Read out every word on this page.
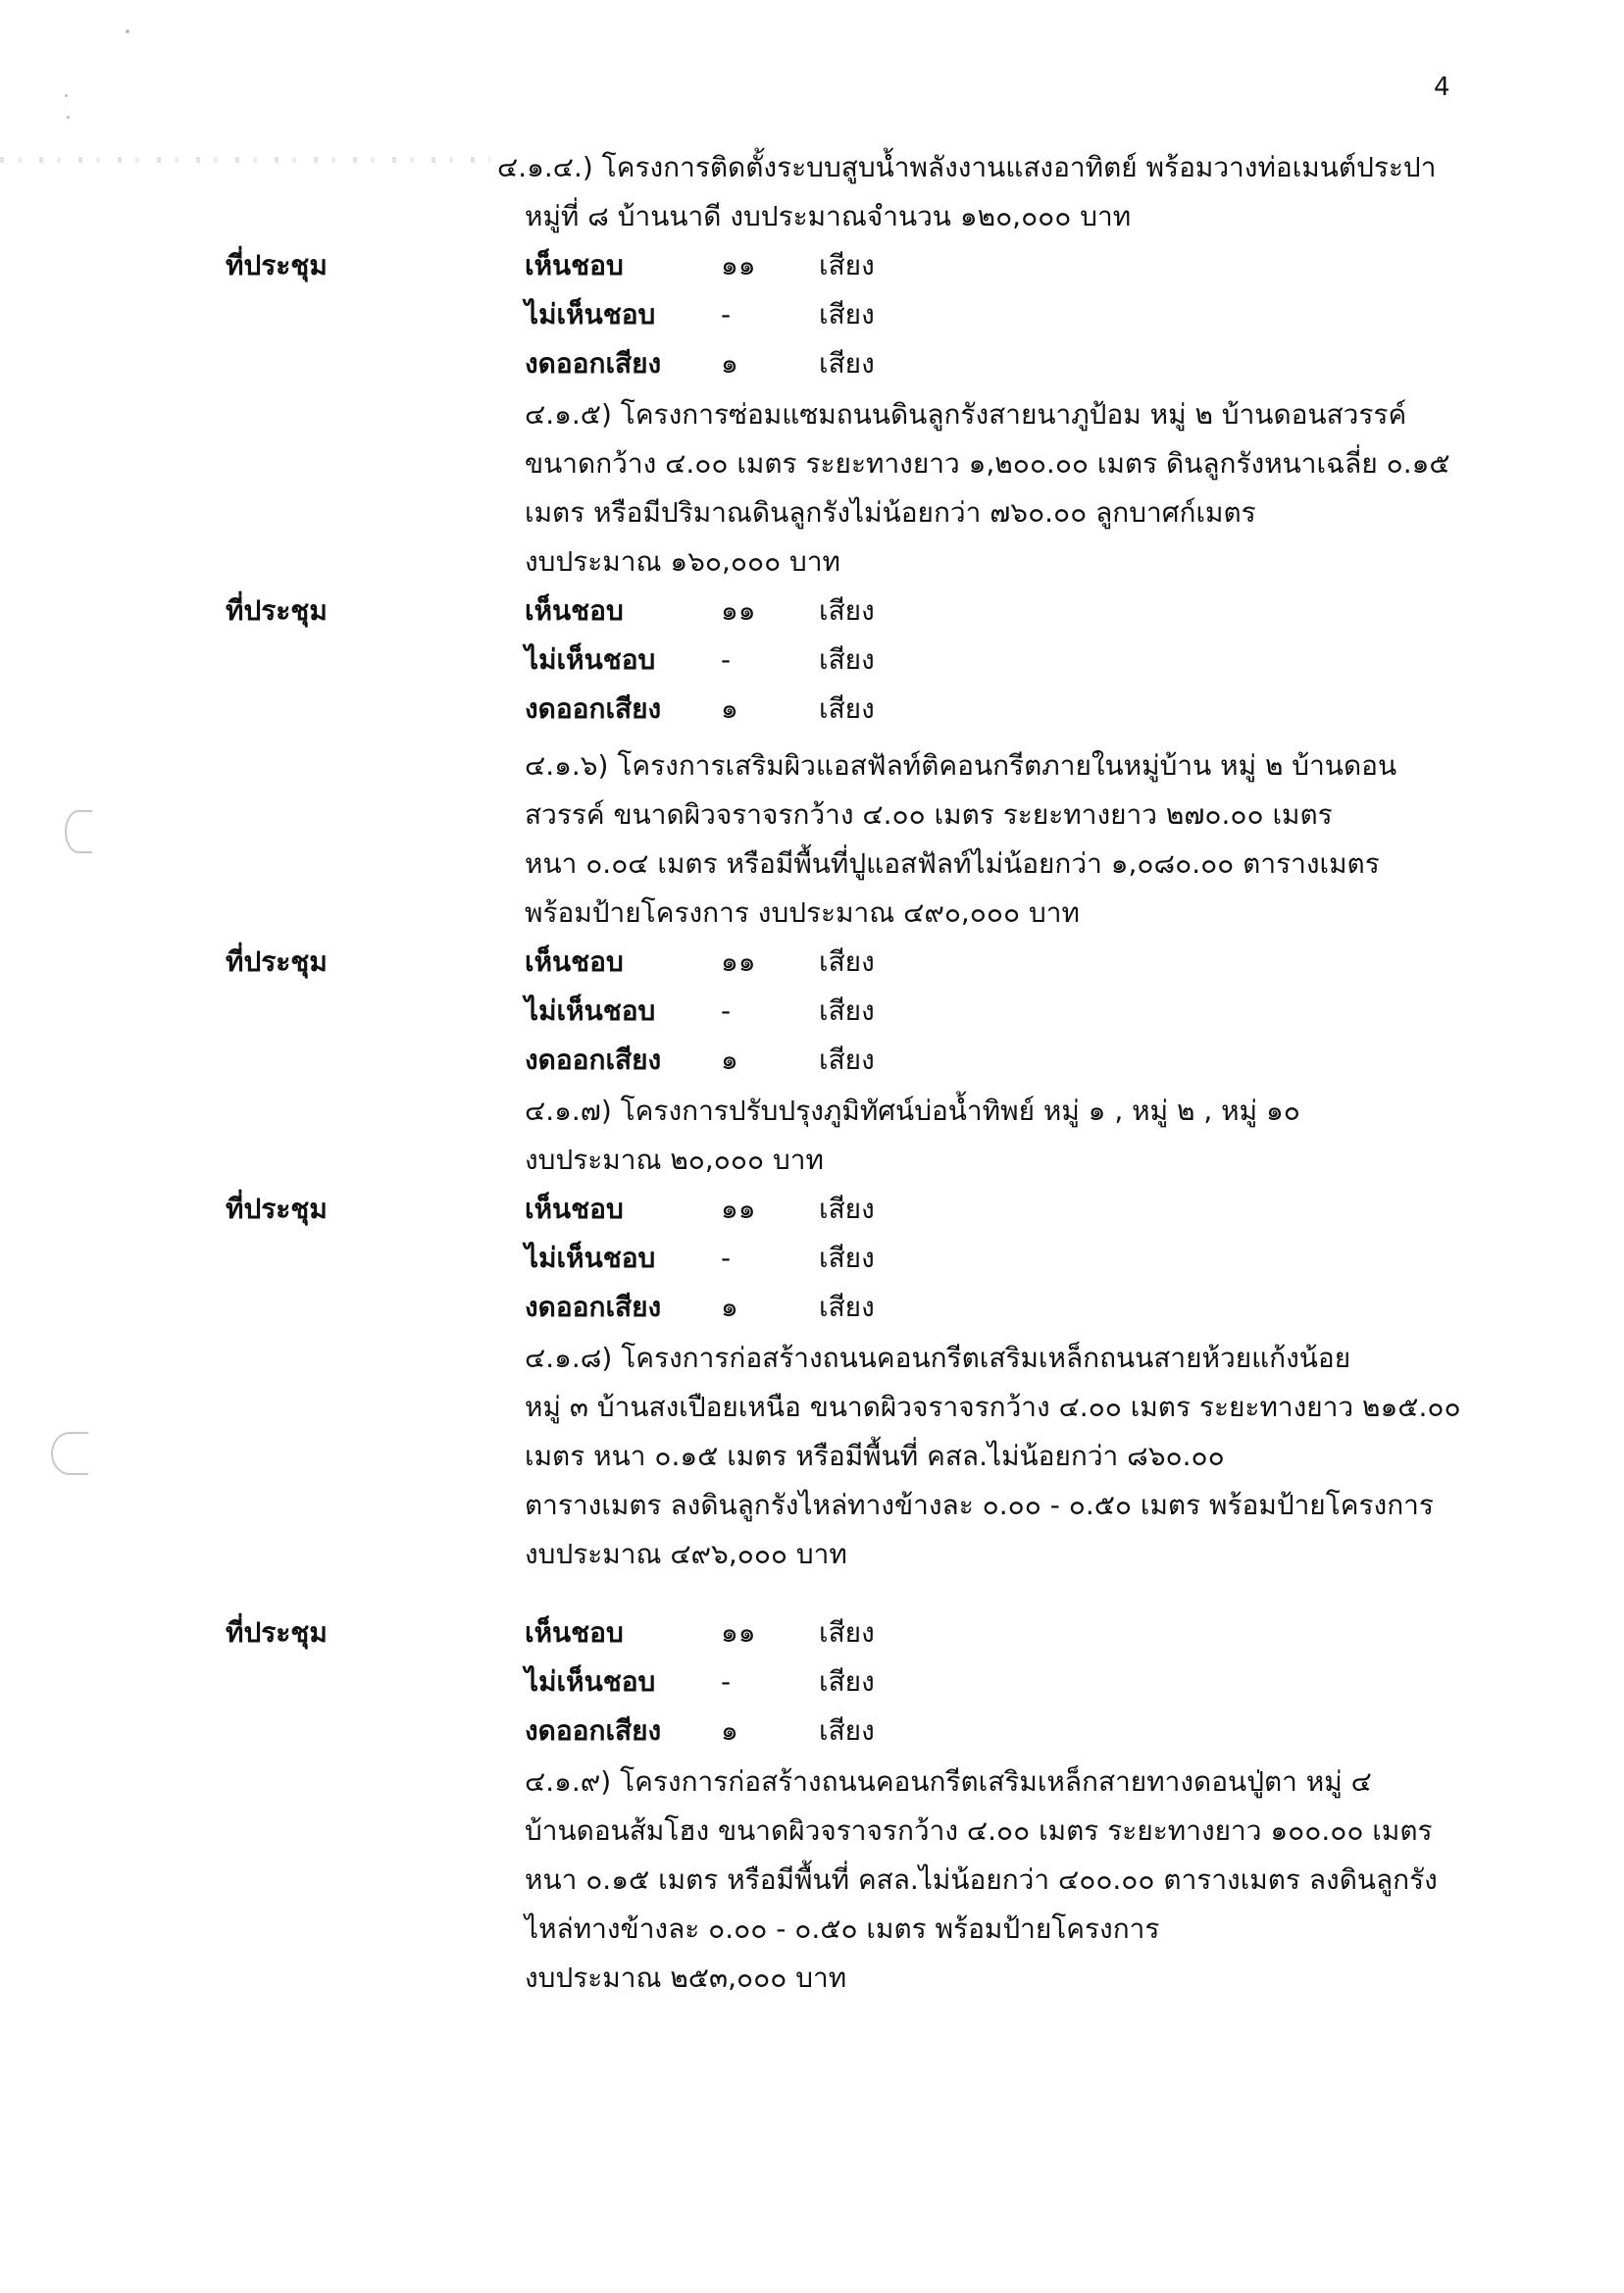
4
๔.๑.๔.) โครงการติดตั้งระบบสูบน้ำพลังงานแสงอาทิตย์ พร้อมวางท่อเมนต์ประปา
หมู่ที่ ๘ บ้านนาดี งบประมาณจำนวน ๑๒๐,๐๐๐ บาท
ที่ประชุม	เห็นชอบ	๑๑ เสียง
ไม่เห็นชอบ -	เสียง
งดออกเสียง ๑	เสียง
๔.๑.๕) โครงการซ่อมแซมถนนดินลูกรังสายนาภูป้อม หมู่ ๒ บ้านดอนสวรรค์
ขนาดกว้าง ๔.๐๐ เมตร ระยะทางยาว ๑,๒๐๐.๐๐ เมตร ดินลูกรังหนาเฉลี่ย ๐.๑๕
เมตร หรือมีปริมาณดินลูกรังไม่น้อยกว่า ๗๖๐.๐๐ ลูกบาศก์เมตร
งบประมาณ ๑๖๐,๐๐๐ บาท
ที่ประชุม	เห็นชอบ	๑๑ เสียง
ไม่เห็นชอบ -	เสียง
งดออกเสียง ๑	เสียง
๔.๑.๖) โครงการเสริมผิวแอสฟัลท์ติคอนกรีตภายในหมู่บ้าน หมู่ ๒ บ้านดอน
สวรรค์ ขนาดผิวจราจรกว้าง ๔.๐๐ เมตร ระยะทางยาว ๒๗๐.๐๐ เมตร
หนา ๐.๐๔ เมตร หรือมีพื้นที่ปูแอสฟัลท์ไม่น้อยกว่า ๑,๐๘๐.๐๐ ตารางเมตร
พร้อมป้ายโครงการ งบประมาณ ๔๙๐,๐๐๐ บาท
ที่ประชุม	เห็นชอบ	๑๑ เสียง
ไม่เห็นชอบ -	เสียง
งดออกเสียง ๑	เสียง
๔.๑.๗) โครงการปรับปรุงภูมิทัศน์บ่อน้ำทิพย์ หมู่ ๑ , หมู่ ๒ , หมู่ ๑๐
งบประมาณ ๒๐,๐๐๐ บาท
ที่ประชุม	เห็นชอบ	๑๑ เสียง
ไม่เห็นชอบ -	เสียง
งดออกเสียง ๑	เสียง
๔.๑.๘) โครงการก่อสร้างถนนคอนกรีตเสริมเหล็กถนนสายห้วยแก้งน้อย
หมู่ ๓ บ้านสงเปือยเหนือ ขนาดผิวจราจรกว้าง ๔.๐๐ เมตร ระยะทางยาว ๒๑๕.๐๐
เมตร หนา ๐.๑๕ เมตร หรือมีพื้นที่ คสล.ไม่น้อยกว่า ๘๖๐.๐๐
ตารางเมตร ลงดินลูกรังไหล่ทางข้างละ ๐.๐๐ - ๐.๕๐ เมตร พร้อมป้ายโครงการ
งบประมาณ ๔๙๖,๐๐๐ บาท
ที่ประชุม	เห็นชอบ	๑๑ เสียง
ไม่เห็นชอบ -	เสียง
งดออกเสียง ๑	เสียง
๔.๑.๙) โครงการก่อสร้างถนนคอนกรีตเสริมเหล็กสายทางดอนปู่ตา หมู่ ๔
บ้านดอนส้มโฮง ขนาดผิวจราจรกว้าง ๔.๐๐ เมตร ระยะทางยาว ๑๐๐.๐๐ เมตร
หนา ๐.๑๕ เมตร หรือมีพื้นที่ คสล.ไม่น้อยกว่า ๔๐๐.๐๐ ตารางเมตร ลงดินลูกรัง
ไหล่ทางข้างละ ๐.๐๐ - ๐.๕๐ เมตร พร้อมป้ายโครงการ
งบประมาณ ๒๕๓,๐๐๐ บาท
